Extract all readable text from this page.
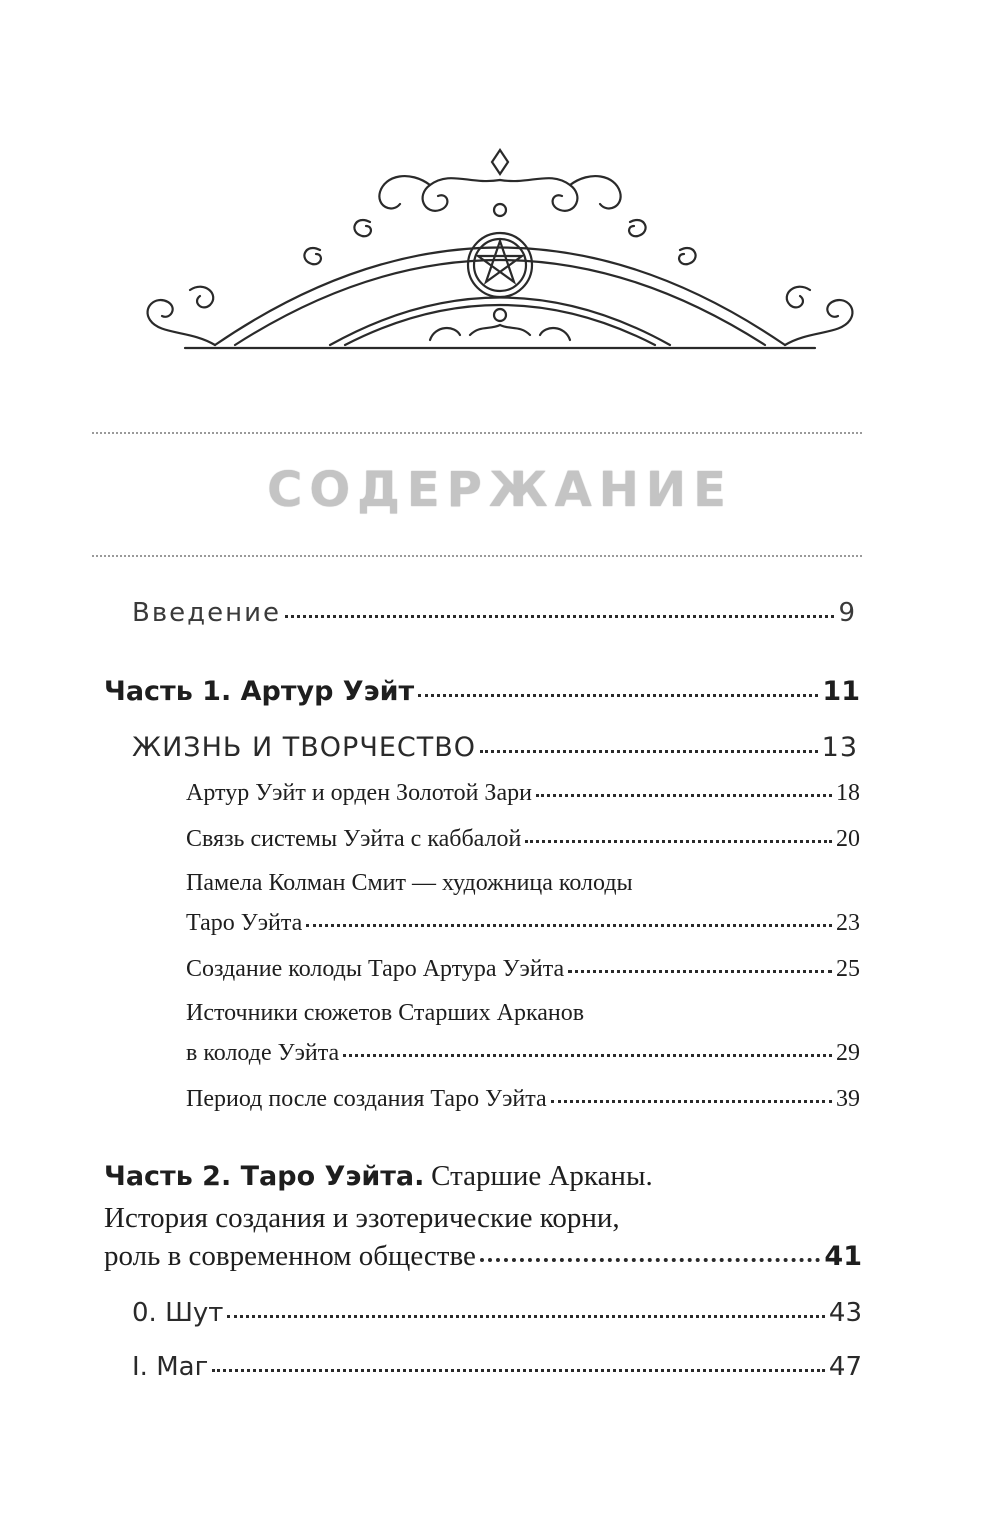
СОДЕРЖАНИЕ
Введение	9
Часть 1. Артур Уэйт	11
ЖИЗНЬ И ТВОРЧЕСТВО	13
Артур Уэйт и орден Золотой Зари	18
Связь системы Уэйта с каббалой	20
Памела Колман Смит — художница колоды
Таро Уэйта	23
Создание колоды Таро Артура Уэйта	25
Источники сюжетов Старших Арканов
в колоде Уэйта	29
Период после создания Таро Уэйта	39
Часть 2. Таро Уэйта. Старшие Арканы.
История создания и эзотерические корни,
роль в современном обществе	41
0. Шут	43
I. Маг	47
